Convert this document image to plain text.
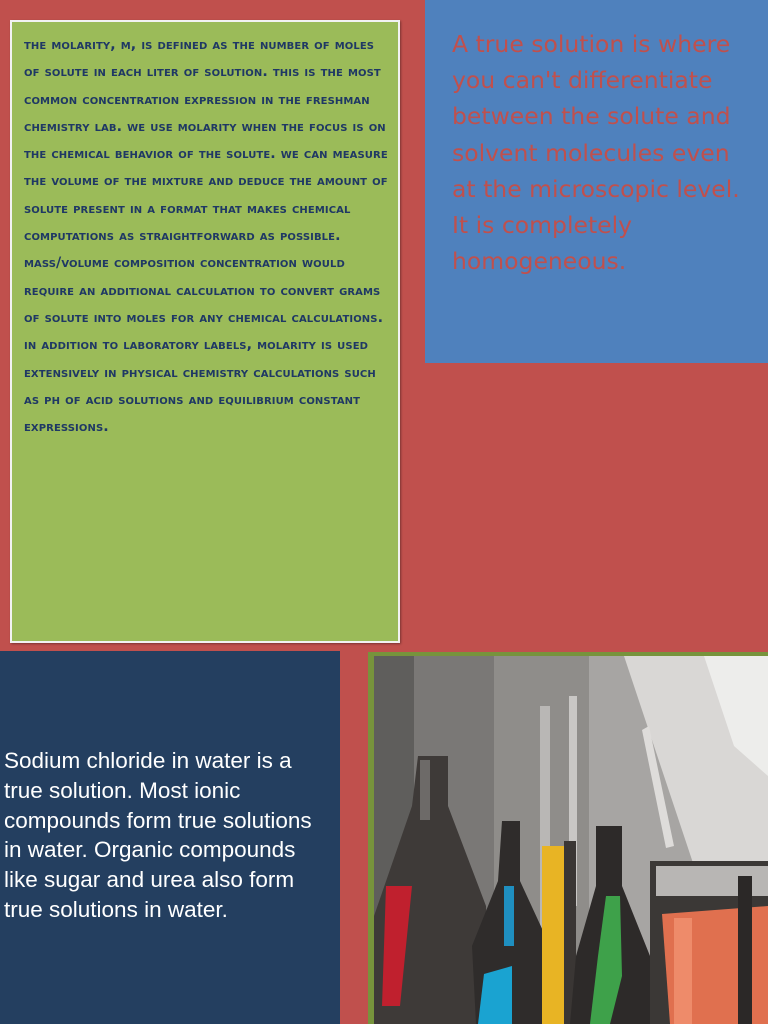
the molarity, m, is defined as the number of moles of solute in each liter of solution. this is the most common concentration expression in the freshman chemistry lab. we use molarity when the focus is on the chemical behavior of the solute. we can measure the volume of the mixture and deduce the amount of solute present in a format that makes chemical computations as straightforward as possible. mass/volume composition concentration would require an additional calculation to convert grams of solute into moles for any chemical calculations. in addition to laboratory labels, molarity is used extensively in physical chemistry calculations such as ph of acid solutions and equilibrium constant expressions.

A true solution is where you can't differentiate between the solute and solvent molecules even at the microscopic level. It is completely homogeneous.

Sodium chloride in water is a true solution. Most ionic compounds form true solutions in water. Organic compounds like sugar and urea also form true solutions in water.
